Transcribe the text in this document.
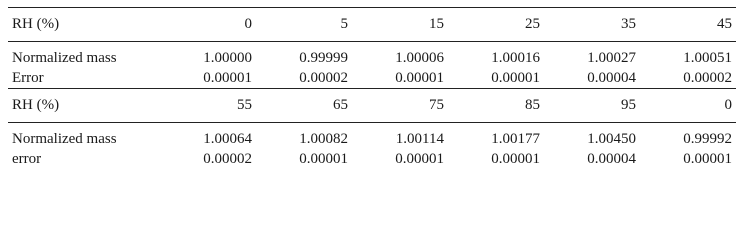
RH (%)	0	5	15	25	35	45
Normalized mass	1.00000	0.99999	1.00006	1.00016	1.00027	1.00051
Error	0.00001	0.00002	0.00001	0.00001	0.00004	0.00002
RH (%)	55	65	75	85	95	0
Normalized mass	1.00064	1.00082	1.00114	1.00177	1.00450	0.99992
error	0.00002	0.00001	0.00001	0.00001	0.00004	0.00001
